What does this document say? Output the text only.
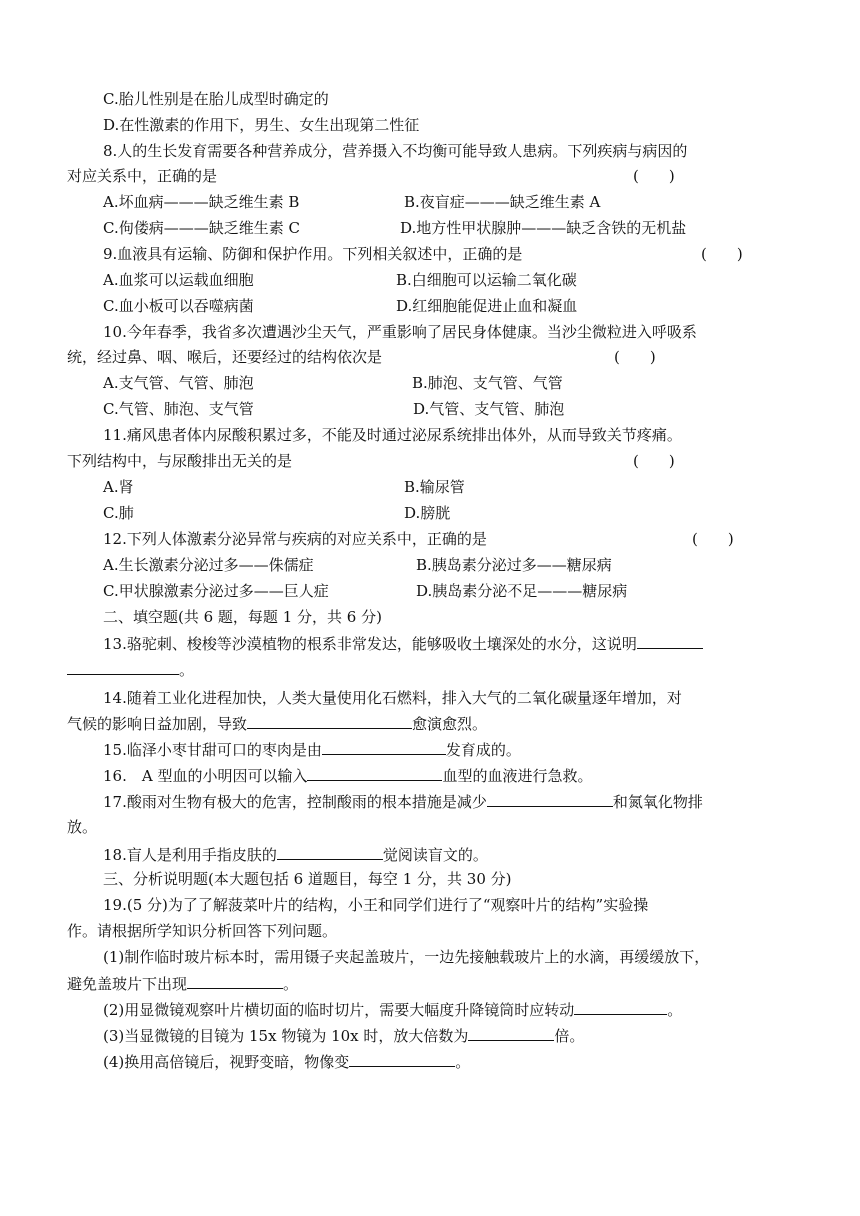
C.胎儿性别是在胎儿成型时确定的
D.在性激素的作用下，男生、女生出现第二性征
8.人的生长发育需要各种营养成分，营养摄入不均衡可能导致人患病。下列疾病与病因的
对应关系中，正确的是	(　　)
A.坏血病———缺乏维生素 B	B.夜盲症———缺乏维生素 A
C.佝偻病———缺乏维生素 C	D.地方性甲状腺肿———缺乏含铁的无机盐
9.血液具有运输、防御和保护作用。下列相关叙述中，正确的是	(　　)
A.血浆可以运载血细胞	B.白细胞可以运输二氧化碳
C.血小板可以吞噬病菌	D.红细胞能促进止血和凝血
10.今年春季，我省多次遭遇沙尘天气，严重影响了居民身体健康。当沙尘微粒进入呼吸系
统，经过鼻、咽、喉后，还要经过的结构依次是	(　　)
A.支气管、气管、肺泡	B.肺泡、支气管、气管
C.气管、肺泡、支气管	D.气管、支气管、肺泡
11.痛风患者体内尿酸积累过多，不能及时通过泌尿系统排出体外，从而导致关节疼痛。
下列结构中，与尿酸排出无关的是	(　　)
A.肾	B.输尿管
C.肺	D.膀胱
12.下列人体激素分泌异常与疾病的对应关系中，正确的是	(　　)
A.生长激素分泌过多——侏儒症	B.胰岛素分泌过多——糖尿病
C.甲状腺激素分泌过多——巨人症	D.胰岛素分泌不足———糖尿病
二、填空题(共 6 题，每题 1 分，共 6 分)
13.骆驼刺、梭梭等沙漠植物的根系非常发达，能够吸收土壤深处的水分，这说明
。
14.随着工业化进程加快，人类大量使用化石燃料，排入大气的二氧化碳量逐年增加，对
气候的影响日益加剧，导致	愈演愈烈。
15.临泽小枣甘甜可口的枣肉是由	发育成的。
16.　A 型血的小明因可以输入	血型的血液进行急救。
17.酸雨对生物有极大的危害，控制酸雨的根本措施是减少	和氮氧化物排
放。
18.盲人是利用手指皮肤的	觉阅读盲文的。
三、分析说明题(本大题包括 6 道题目，每空 1 分，共 30 分)
19.(5 分)为了了解菠菜叶片的结构，小王和同学们进行了“观察叶片的结构”实验操
作。请根据所学知识分析回答下列问题。
(1)制作临时玻片标本时，需用镊子夹起盖玻片，一边先接触载玻片上的水滴，再缓缓放下，
避免盖玻片下出现	。
(2)用显微镜观察叶片横切面的临时切片，需要大幅度升降镜筒时应转动	。
(3)当显微镜的目镜为 15x 物镜为 10x 时，放大倍数为	倍。
(4)换用高倍镜后，视野变暗，物像变	。
